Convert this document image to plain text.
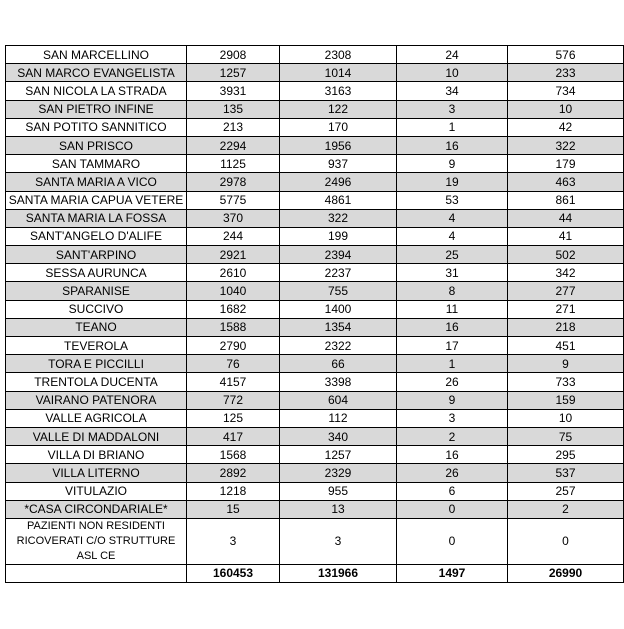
SAN MARCELLINO	2908	2308	24	576
SAN MARCO EVANGELISTA	1257	1014	10	233
SAN NICOLA LA STRADA	3931	3163	34	734
SAN PIETRO INFINE	135	122	3	10
SAN POTITO SANNITICO	213	170	1	42
SAN PRISCO	2294	1956	16	322
SAN TAMMARO	1125	937	9	179
SANTA MARIA A VICO	2978	2496	19	463
SANTA MARIA CAPUA VETERE	5775	4861	53	861
SANTA MARIA LA FOSSA	370	322	4	44
SANT'ANGELO D'ALIFE	244	199	4	41
SANT'ARPINO	2921	2394	25	502
SESSA AURUNCA	2610	2237	31	342
SPARANISE	1040	755	8	277
SUCCIVO	1682	1400	11	271
TEANO	1588	1354	16	218
TEVEROLA	2790	2322	17	451
TORA E PICCILLI	76	66	1	9
TRENTOLA DUCENTA	4157	3398	26	733
VAIRANO PATENORA	772	604	9	159
VALLE AGRICOLA	125	112	3	10
VALLE DI MADDALONI	417	340	2	75
VILLA DI BRIANO	1568	1257	16	295
VILLA LITERNO	2892	2329	26	537
VITULAZIO	1218	955	6	257
*CASA CIRCONDARIALE*	15	13	0	2
PAZIENTI NON RESIDENTI RICOVERATI C/O STRUTTURE ASL CE	3	3	0	0
	160453	131966	1497	26990
